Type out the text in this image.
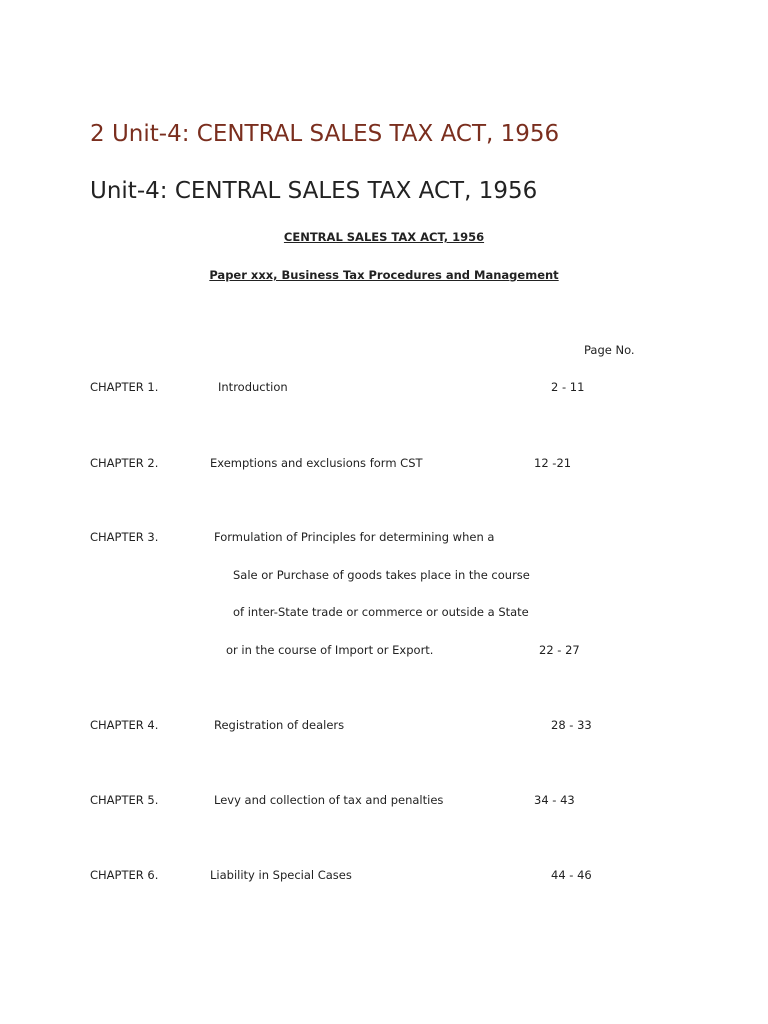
2 Unit-4: CENTRAL SALES TAX ACT, 1956
Unit-4: CENTRAL SALES TAX ACT, 1956
CENTRAL SALES TAX ACT, 1956
Paper xxx, Business Tax Procedures and Management
Page No.
CHAPTER 1.	Introduction	2 - 11
CHAPTER 2.	Exemptions and exclusions form CST	12 -21
CHAPTER 3.	Formulation of Principles for determining when a
Sale or Purchase of goods takes place in the course
of inter-State trade or commerce or outside a State
or in the course of Import or Export.	22 - 27
CHAPTER 4.	Registration of dealers	28 - 33
CHAPTER 5.	Levy and collection of tax and penalties	34 - 43
CHAPTER 6.	Liability in Special Cases	44 - 46
